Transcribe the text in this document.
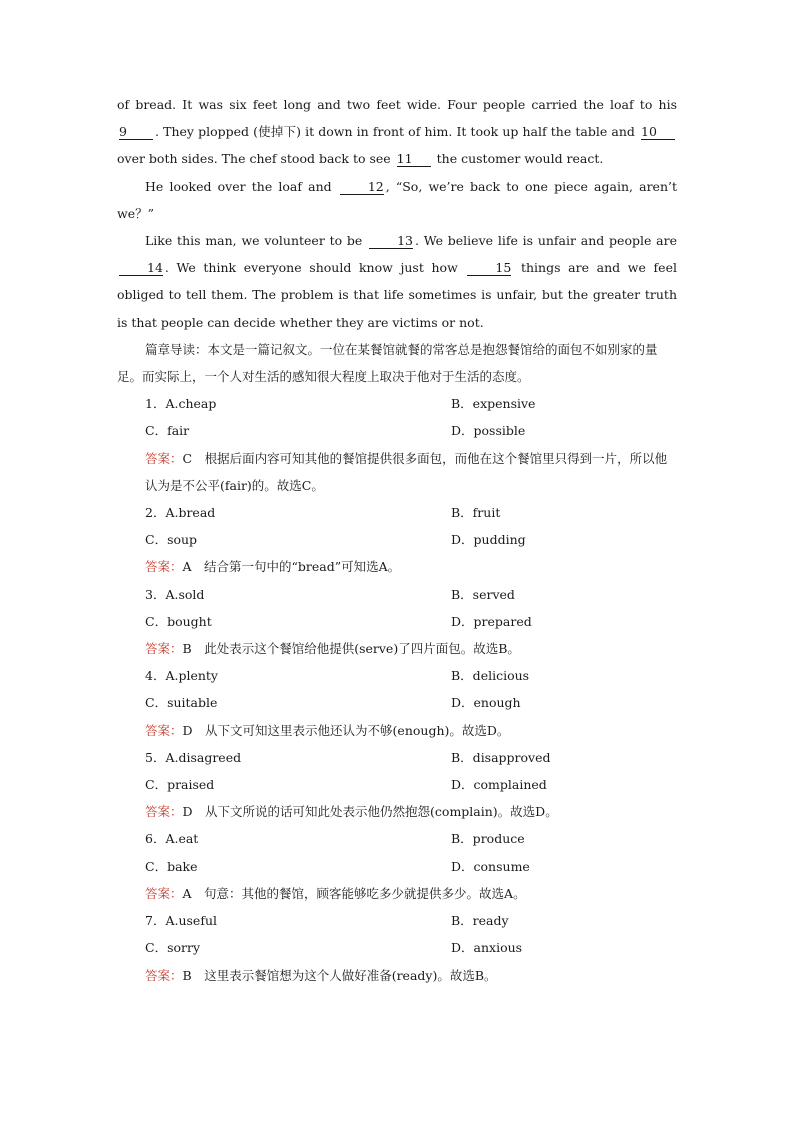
of bread. It was six feet long and two feet wide. Four people carried the loaf to his 9 . They plopped (使掉下) it down in front of him. It took up half the table and 10 over both sides. The chef stood back to see 11 the customer would react.

He looked over the loaf and 12 , “So, we’re back to one piece again, aren’t we？”

Like this man, we volunteer to be 13 . We believe life is unfair and people are 14 . We think everyone should know just how 15 things are and we feel obliged to tell them. The problem is that life sometimes is unfair, but the greater truth is that people can decide whether they are victims or not.

篇章导读：本文是一篇记叙文。一位在某餐馆就餐的常客总是抱怨餐馆给的面包不如别家的量足。而实际上，一个人对生活的感知很大程度上取决于他对于生活的态度。

1．A.cheap	B．expensive
C．fair	D．possible
答案：C　根据后面内容可知其他的餐馆提供很多面包，而他在这个餐馆里只得到一片，所以他认为是不公平(fair)的。故选C。
2．A.bread	B．fruit
C．soup	D．pudding
答案：A　结合第一句中的“bread”可知选A。
3．A.sold	B．served
C．bought	D．prepared
答案：B　此处表示这个餐馆给他提供(serve)了四片面包。故选B。
4．A.plenty	B．delicious
C．suitable	D．enough
答案：D　从下文可知这里表示他还认为不够(enough)。故选D。
5．A.disagreed	B．disapproved
C．praised	D．complained
答案：D　从下文所说的话可知此处表示他仍然抱怨(complain)。故选D。
6．A.eat	B．produce
C．bake	D．consume
答案：A　句意：其他的餐馆，顾客能够吃多少就提供多少。故选A。
7．A.useful	B．ready
C．sorry	D．anxious
答案：B　这里表示餐馆想为这个人做好准备(ready)。故选B。
